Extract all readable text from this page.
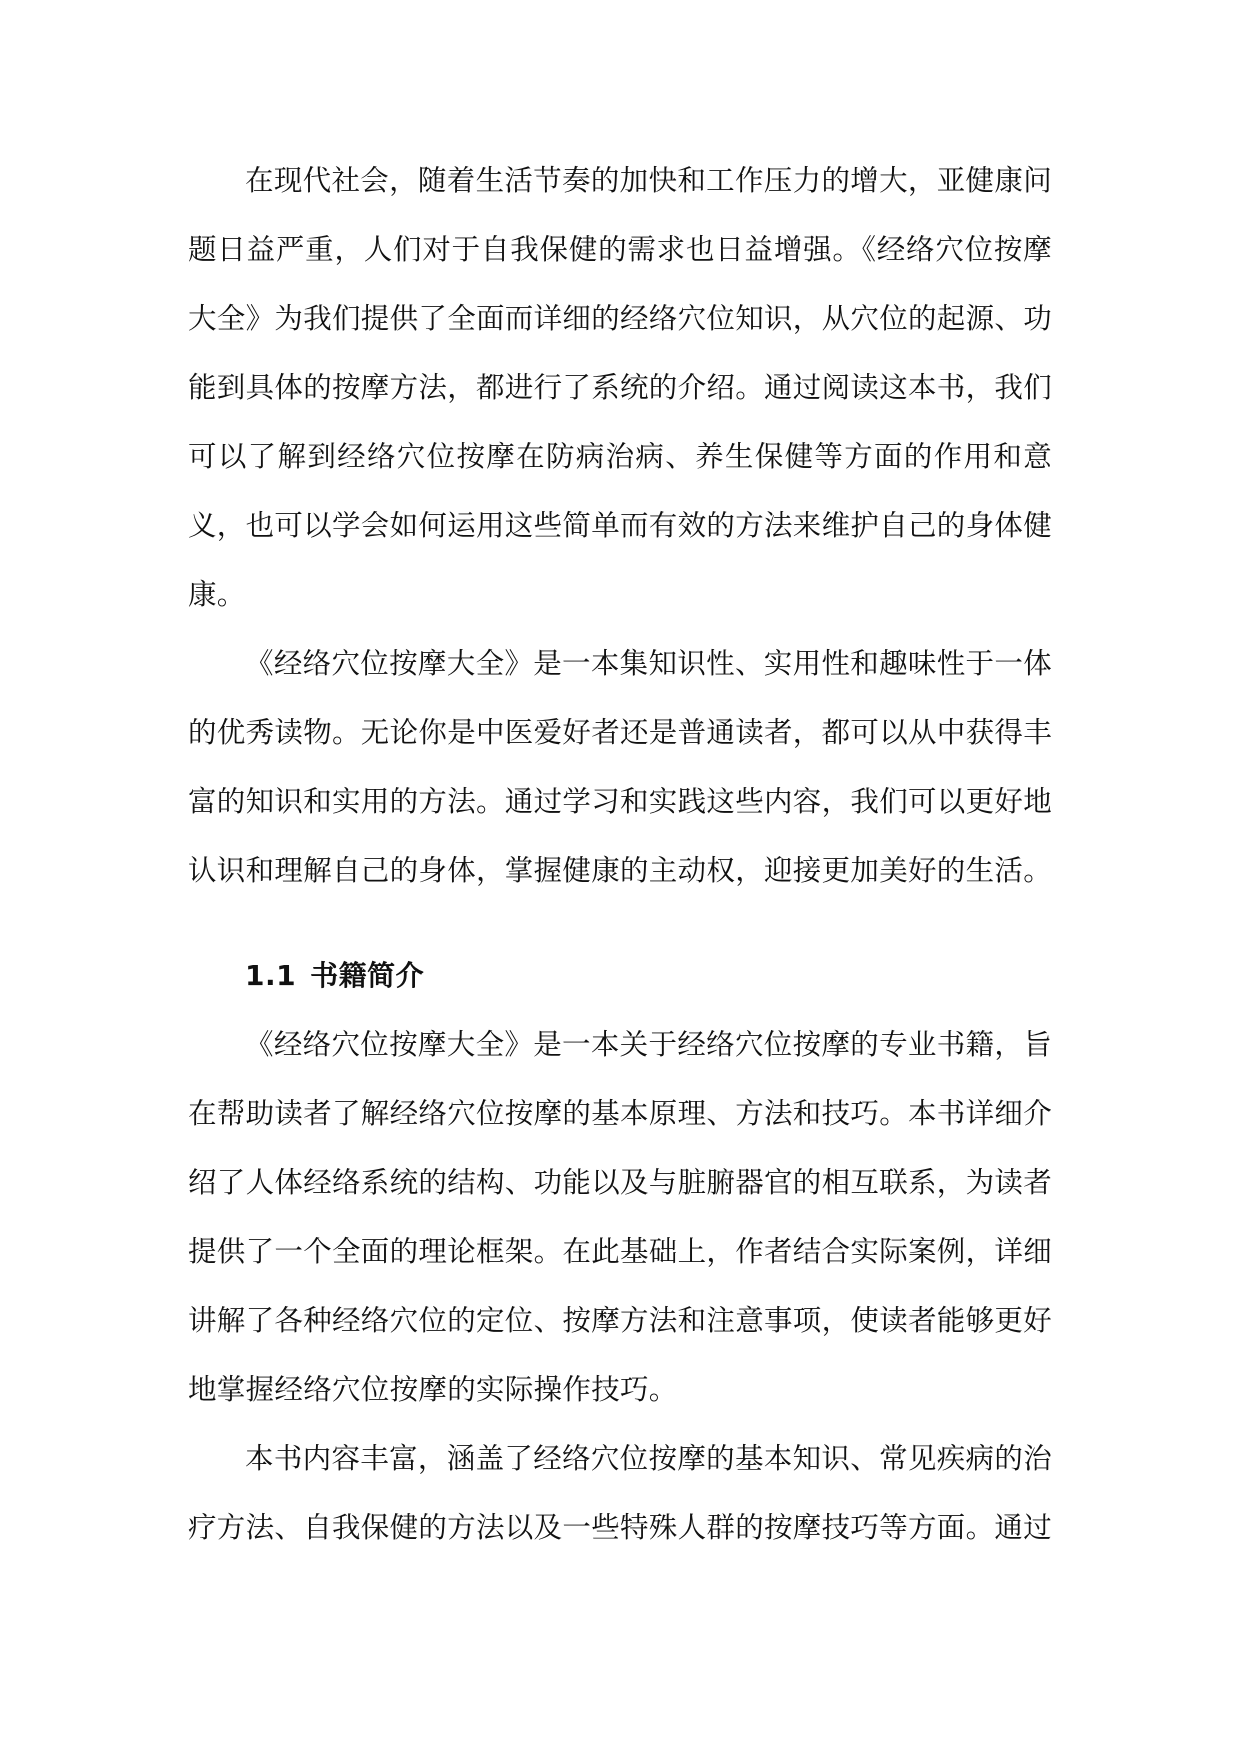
在现代社会，随着生活节奏的加快和工作压力的增大，亚健康问题日益严重，人们对于自我保健的需求也日益增强。《经络穴位按摩大全》为我们提供了全面而详细的经络穴位知识，从穴位的起源、功能到具体的按摩方法，都进行了系统的介绍。通过阅读这本书，我们可以了解到经络穴位按摩在防病治病、养生保健等方面的作用和意义，也可以学会如何运用这些简单而有效的方法来维护自己的身体健康。

《经络穴位按摩大全》是一本集知识性、实用性和趣味性于一体的优秀读物。无论你是中医爱好者还是普通读者，都可以从中获得丰富的知识和实用的方法。通过学习和实践这些内容，我们可以更好地认识和理解自己的身体，掌握健康的主动权，迎接更加美好的生活。

1.1 书籍简介

《经络穴位按摩大全》是一本关于经络穴位按摩的专业书籍，旨在帮助读者了解经络穴位按摩的基本原理、方法和技巧。本书详细介绍了人体经络系统的结构、功能以及与脏腑器官的相互联系，为读者提供了一个全面的理论框架。在此基础上，作者结合实际案例，详细讲解了各种经络穴位的定位、按摩方法和注意事项，使读者能够更好地掌握经络穴位按摩的实际操作技巧。

本书内容丰富，涵盖了经络穴位按摩的基本知识、常见疾病的治疗方法、自我保健的方法以及一些特殊人群的按摩技巧等方面。通过
